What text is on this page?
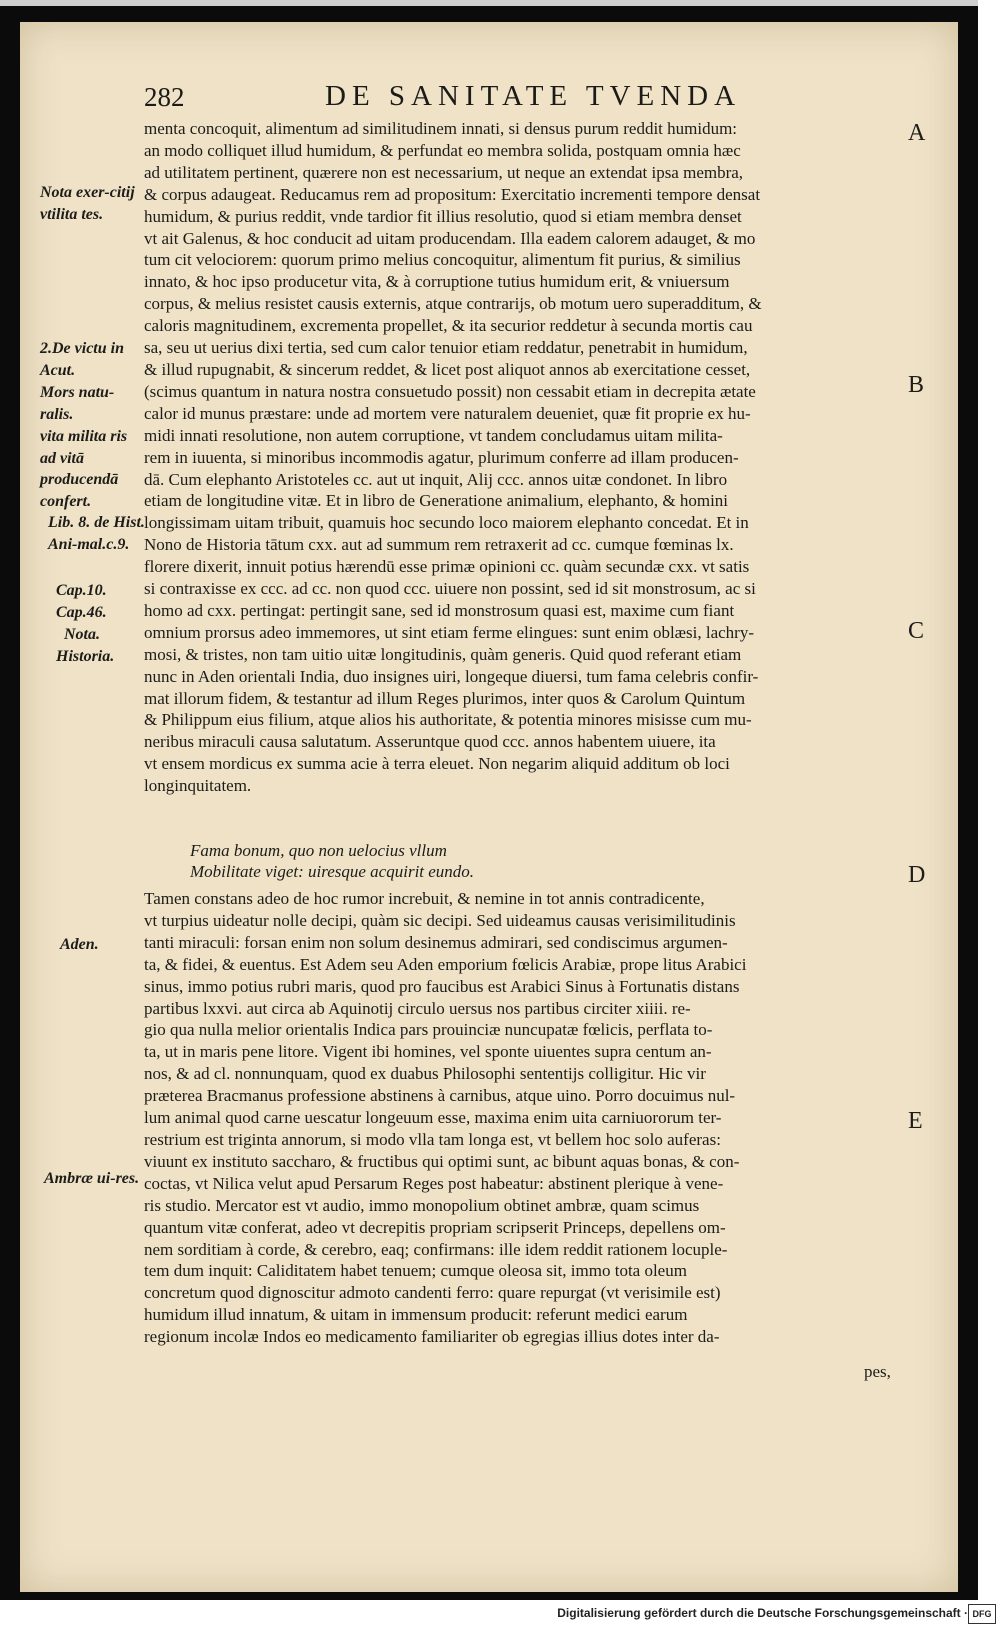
282	DE SANITATE TVENDA
menta concoquit, alimentum ad similitudinem innati, si densus purum reddit humidum:
an modo colliquet illud humidum, & perfundat eo membra solida, postquam omnia hæc
ad utilitatem pertinent, quærere non est necessarium, ut neque an extendat ipsa membra,
& corpus adaugeat. Reducamus rem ad propositum: Exercitatio incrementi tempore densat
humidum, & purius reddit, vnde tardior fit illius resolutio, quod si etiam membra denset
vt ait Galenus, & hoc conducit ad uitam producendam. Illa eadem calorem adauget, & mo
tum cit velociorem: quorum primo melius concoquitur, alimentum fit purius, & similius
innato, & hoc ipso producetur vita, & à corruptione tutius humidum erit, & vniuersum
corpus, & melius resistet causis externis, atque contrarijs, ob motum uero superadditum, &
caloris magnitudinem, excrementa propellet, & ita securior reddetur à secunda mortis cau
sa, seu ut uerius dixi tertia, sed cum calor tenuior etiam reddatur, penetrabit in humidum,
& illud rupugnabit, & sincerum reddet, & licet post aliquot annos ab exercitatione cesset,
(scimus quantum in natura nostra consuetudo possit) non cessabit etiam in decrepita ætate
calor id munus præstare: unde ad mortem vere naturalem deueniet, quæ fit proprie ex hu-
midi innati resolutione, non autem corruptione, vt tandem concludamus uitam milita-
rem in iuuenta, si minoribus incommodis agatur, plurimum conferre ad illam producen-
dā. Cum elephanto Aristoteles cc. aut ut inquit, Alij ccc. annos uitæ condonet. In libro
etiam de longitudine vitæ. Et in libro de Generatione animalium, elephanto, & homini
longissimam uitam tribuit, quamuis hoc secundo loco maiorem elephanto concedat. Et in
Nono de Historia tātum cxx. aut ad summum rem retraxerit ad cc. cumque fœminas lx.
florere dixerit, innuit potius hærendū esse primæ opinioni cc. quàm secundæ cxx. vt satis
si contraxisse ex ccc. ad cc. non quod ccc. uiuere non possint, sed id sit monstrosum, ac si
homo ad cxx. pertingat: pertingit sane, sed id monstrosum quasi est, maxime cum fiant
omnium prorsus adeo immemores, ut sint etiam ferme elingues: sunt enim oblæsi, lachry-
mosi, & tristes, non tam uitio uitæ longitudinis, quàm generis. Quid quod referant etiam
nunc in Aden orientali India, duo insignes uiri, longeque diuersi, tum fama celebris confir-
mat illorum fidem, & testantur ad illum Reges plurimos, inter quos & Carolum Quintum
& Philippum eius filium, atque alios his authoritate, & potentia minores misisse cum mu-
neribus miraculi causa salutatum. Asseruntque quod ccc. annos habentem uiuere, ita
vt ensem mordicus ex summa acie à terra eleuet. Non negarim aliquid additum ob loci
longinquitatem.
Fama bonum, quo non uelocius vllum
Mobilitate viget: uiresque acquirit eundo.
Tamen constans adeo de hoc rumor increbuit, & nemine in tot annis contradicente,
vt turpius uideatur nolle decipi, quàm sic decipi. Sed uideamus causas verisimilitudinis
tanti miraculi: forsan enim non solum desinemus admirari, sed condiscimus argumen-
ta, & fidei, & euentus. Est Adem seu Aden emporium fœlicis Arabiæ, prope litus Arabici
sinus, immo potius rubri maris, quod pro faucibus est Arabici Sinus à Fortunatis distans
partibus lxxvi. aut circa ab Aquinotij circulo uersus nos partibus circiter xiiii. re-
gio qua nulla melior orientalis Indica pars prouinciæ nuncupatæ fœlicis, perflata to-
ta, ut in maris pene litore. Vigent ibi homines, vel sponte uiuentes supra centum an-
nos, & ad cl. nonnunquam, quod ex duabus Philosophi sententijs colligitur. Hic vir
præterea Bracmanus professione abstinens à carnibus, atque uino. Porro docuimus nul-
lum animal quod carne uescatur longeuum esse, maxima enim uita carniuororum ter-
restrium est triginta annorum, si modo vlla tam longa est, vt bellem hoc solo auferas:
viuunt ex instituto saccharo, & fructibus qui optimi sunt, ac bibunt aquas bonas, & con-
coctas, vt Nilica velut apud Persarum Reges post habeatur: abstinent plerique à vene-
ris studio. Mercator est vt audio, immo monopolium obtinet ambræ, quam scimus
quantum vitæ conferat, adeo vt decrepitis propriam scripserit Princeps, depellens om-
nem sorditiam à corde, & cerebro, eaq; confirmans: ille idem reddit rationem locuple-
tem dum inquit: Caliditatem habet tenuem; cumque oleosa sit, immo tota oleum
concretum quod dignoscitur admoto candenti ferro: quare repurgat (vt verisimile est)
humidum illud innatum, & uitam in immensum producit: referunt medici earum
regionum incolæ Indos eo medicamento familiariter ob egregias illius dotes inter da-
pes,
Nota exer-citij vtilita tes.
2.De victu in Acut.
Mors natu-ralis.
vita milita ris ad vitā producendā confert.
Lib. 8. de Hist. Ani-mal.c.9.
Cap.10.
Cap.46.
Nota.
Historia.
Aden.
Ambræ ui-res.
A
B
C
D
E
Digitalisierung gefördert durch die Deutsche Forschungsgemeinschaft · DFG
